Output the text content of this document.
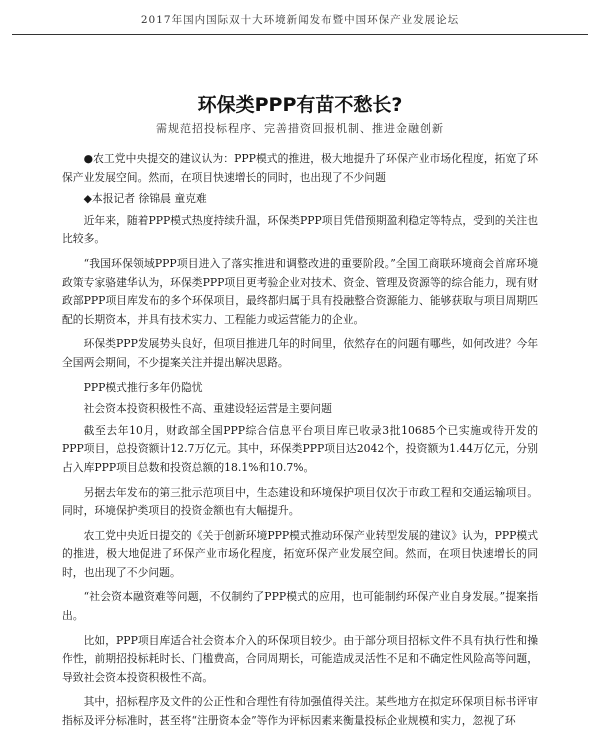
2017年国内国际双十大环境新闻发布暨中国环保产业发展论坛
环保类PPP有苗不愁长?
需规范招投标程序、完善措资回报机制、推进金融创新

●农工党中央提交的建议认为：PPP模式的推进，极大地提升了环保产业市场化程度，拓宽了环保产业发展空间。然而，在项目快速增长的同时，也出现了不少问题

◆本报记者 徐锦晨 童克难

近年来，随着PPP模式热度持续升温，环保类PPP项目凭借预期盈利稳定等特点，受到的关注也比较多。

“我国环保领域PPP项目进入了落实推进和调整改进的重要阶段。”全国工商联环境商会首席环境政策专家骆建华认为，环保类PPP项目更考验企业对技术、资金、管理及资源等的综合能力，现有财政部PPP项目库发布的多个环保项目，最终都归属于具有投融整合资源能力、能够获取与项目周期匹配的长期资本，并具有技术实力、工程能力或运营能力的企业。

环保类PPP发展势头良好，但项目推进几年的时间里，依然存在的问题有哪些，如何改进？今年全国两会期间，不少提案关注并提出解决思路。

PPP模式推行多年仍隐忧

社会资本投资积极性不高、重建设轻运营是主要问题

截至去年10月，财政部全国PPP综合信息平台项目库已收录3批10685个已实施或待开发的PPP项目，总投资额计12.7万亿元。其中，环保类PPP项目达2042个，投资额为1.44万亿元，分别占入库PPP项目总数和投资总额的18.1%和10.7%。

另据去年发布的第三批示范项目中，生态建设和环境保护项目仅次于市政工程和交通运输项目。同时，环境保护类项目的投资金额也有大幅提升。

农工党中央近日提交的《关于创新环境PPP模式推动环保产业转型发展的建议》认为，PPP模式的推进，极大地促进了环保产业市场化程度，拓宽环保产业发展空间。然而，在项目快速增长的同时，也出现了不少问题。

“社会资本融资难等问题，不仅制约了PPP模式的应用，也可能制约环保产业自身发展。”提案指出。

比如，PPP项目库适合社会资本介入的环保项目较少。由于部分项目招标文件不具有执行性和操作性，前期招投标耗时长、门槛费高，合同周期长，可能造成灵活性不足和不确定性风险高等问题，导致社会资本投资积极性不高。

其中，招标程序及文件的公正性和合理性有待加强值得关注。某些地方在拟定环保项目标书评审指标及评分标准时，甚至将“注册资本金”等作为评标因素来衡量投标企业规模和实力，忽视了环
